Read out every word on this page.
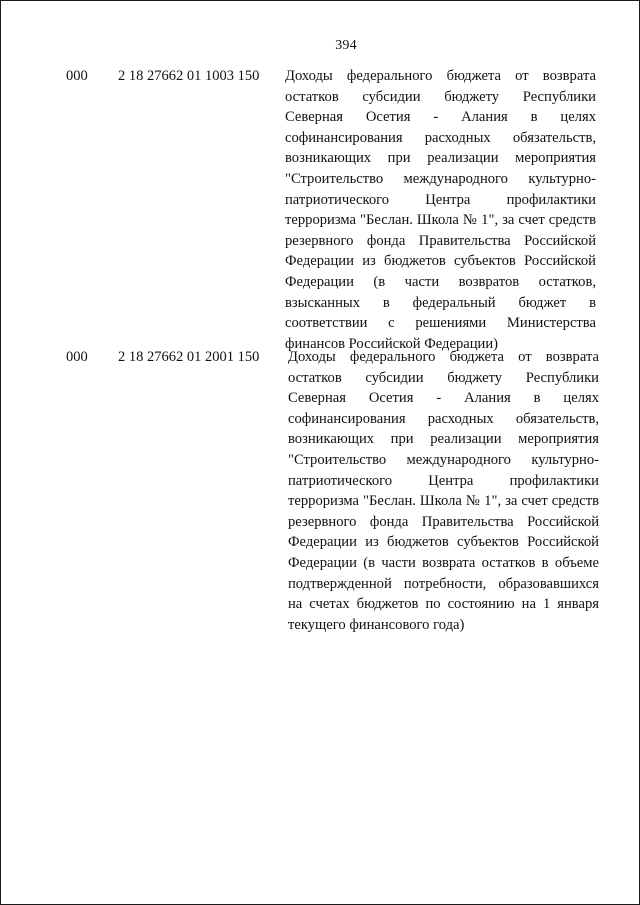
394
000 2 18 27662 01 1003 150 Доходы федерального бюджета от возврата остатков субсидии бюджету Республики Северная Осетия - Алания в целях софинансирования расходных обязательств, возникающих при реализации мероприятия "Строительство международного культурно-патриотического Центра профилактики терроризма "Беслан. Школа № 1", за счет средств резервного фонда Правительства Российской Федерации из бюджетов субъектов Российской Федерации (в части возвратов остатков, взысканных в федеральный бюджет в соответствии с решениями Министерства финансов Российской Федерации)
000 2 18 27662 01 2001 150 Доходы федерального бюджета от возврата остатков субсидии бюджету Республики Северная Осетия - Алания в целях софинансирования расходных обязательств, возникающих при реализации мероприятия "Строительство международного культурно-патриотического Центра профилактики терроризма "Беслан. Школа № 1", за счет средств резервного фонда Правительства Российской Федерации из бюджетов субъектов Российской Федерации (в части возврата остатков в объеме подтвержденной потребности, образовавшихся на счетах бюджетов по состоянию на 1 января текущего финансового года)
